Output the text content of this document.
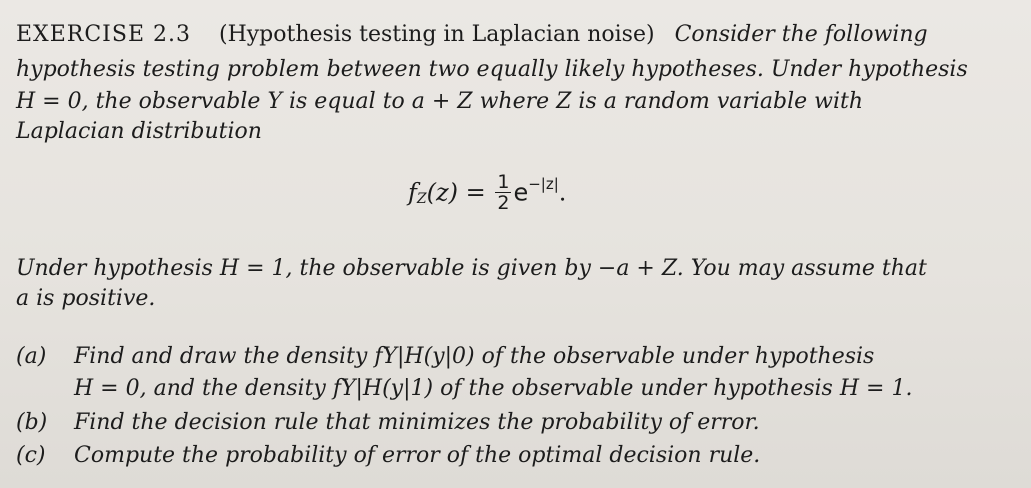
EXERCISE 2.3 (Hypothesis testing in Laplacian noise) Consider the following
hypothesis testing problem between two equally likely hypotheses. Under hypothesis
H = 0, the observable Y is equal to a + Z where Z is a random variable with
Laplacian distribution
$f_Z(z) = \frac{1}{2} e^{-|z|}$.
Under hypothesis H = 1, the observable is given by −a + Z. You may assume that
a is positive.
(a) Find and draw the density fY|H(y|0) of the observable under hypothesis
H = 0, and the density fY|H(y|1) of the observable under hypothesis H = 1.
(b) Find the decision rule that minimizes the probability of error.
(c) Compute the probability of error of the optimal decision rule.
